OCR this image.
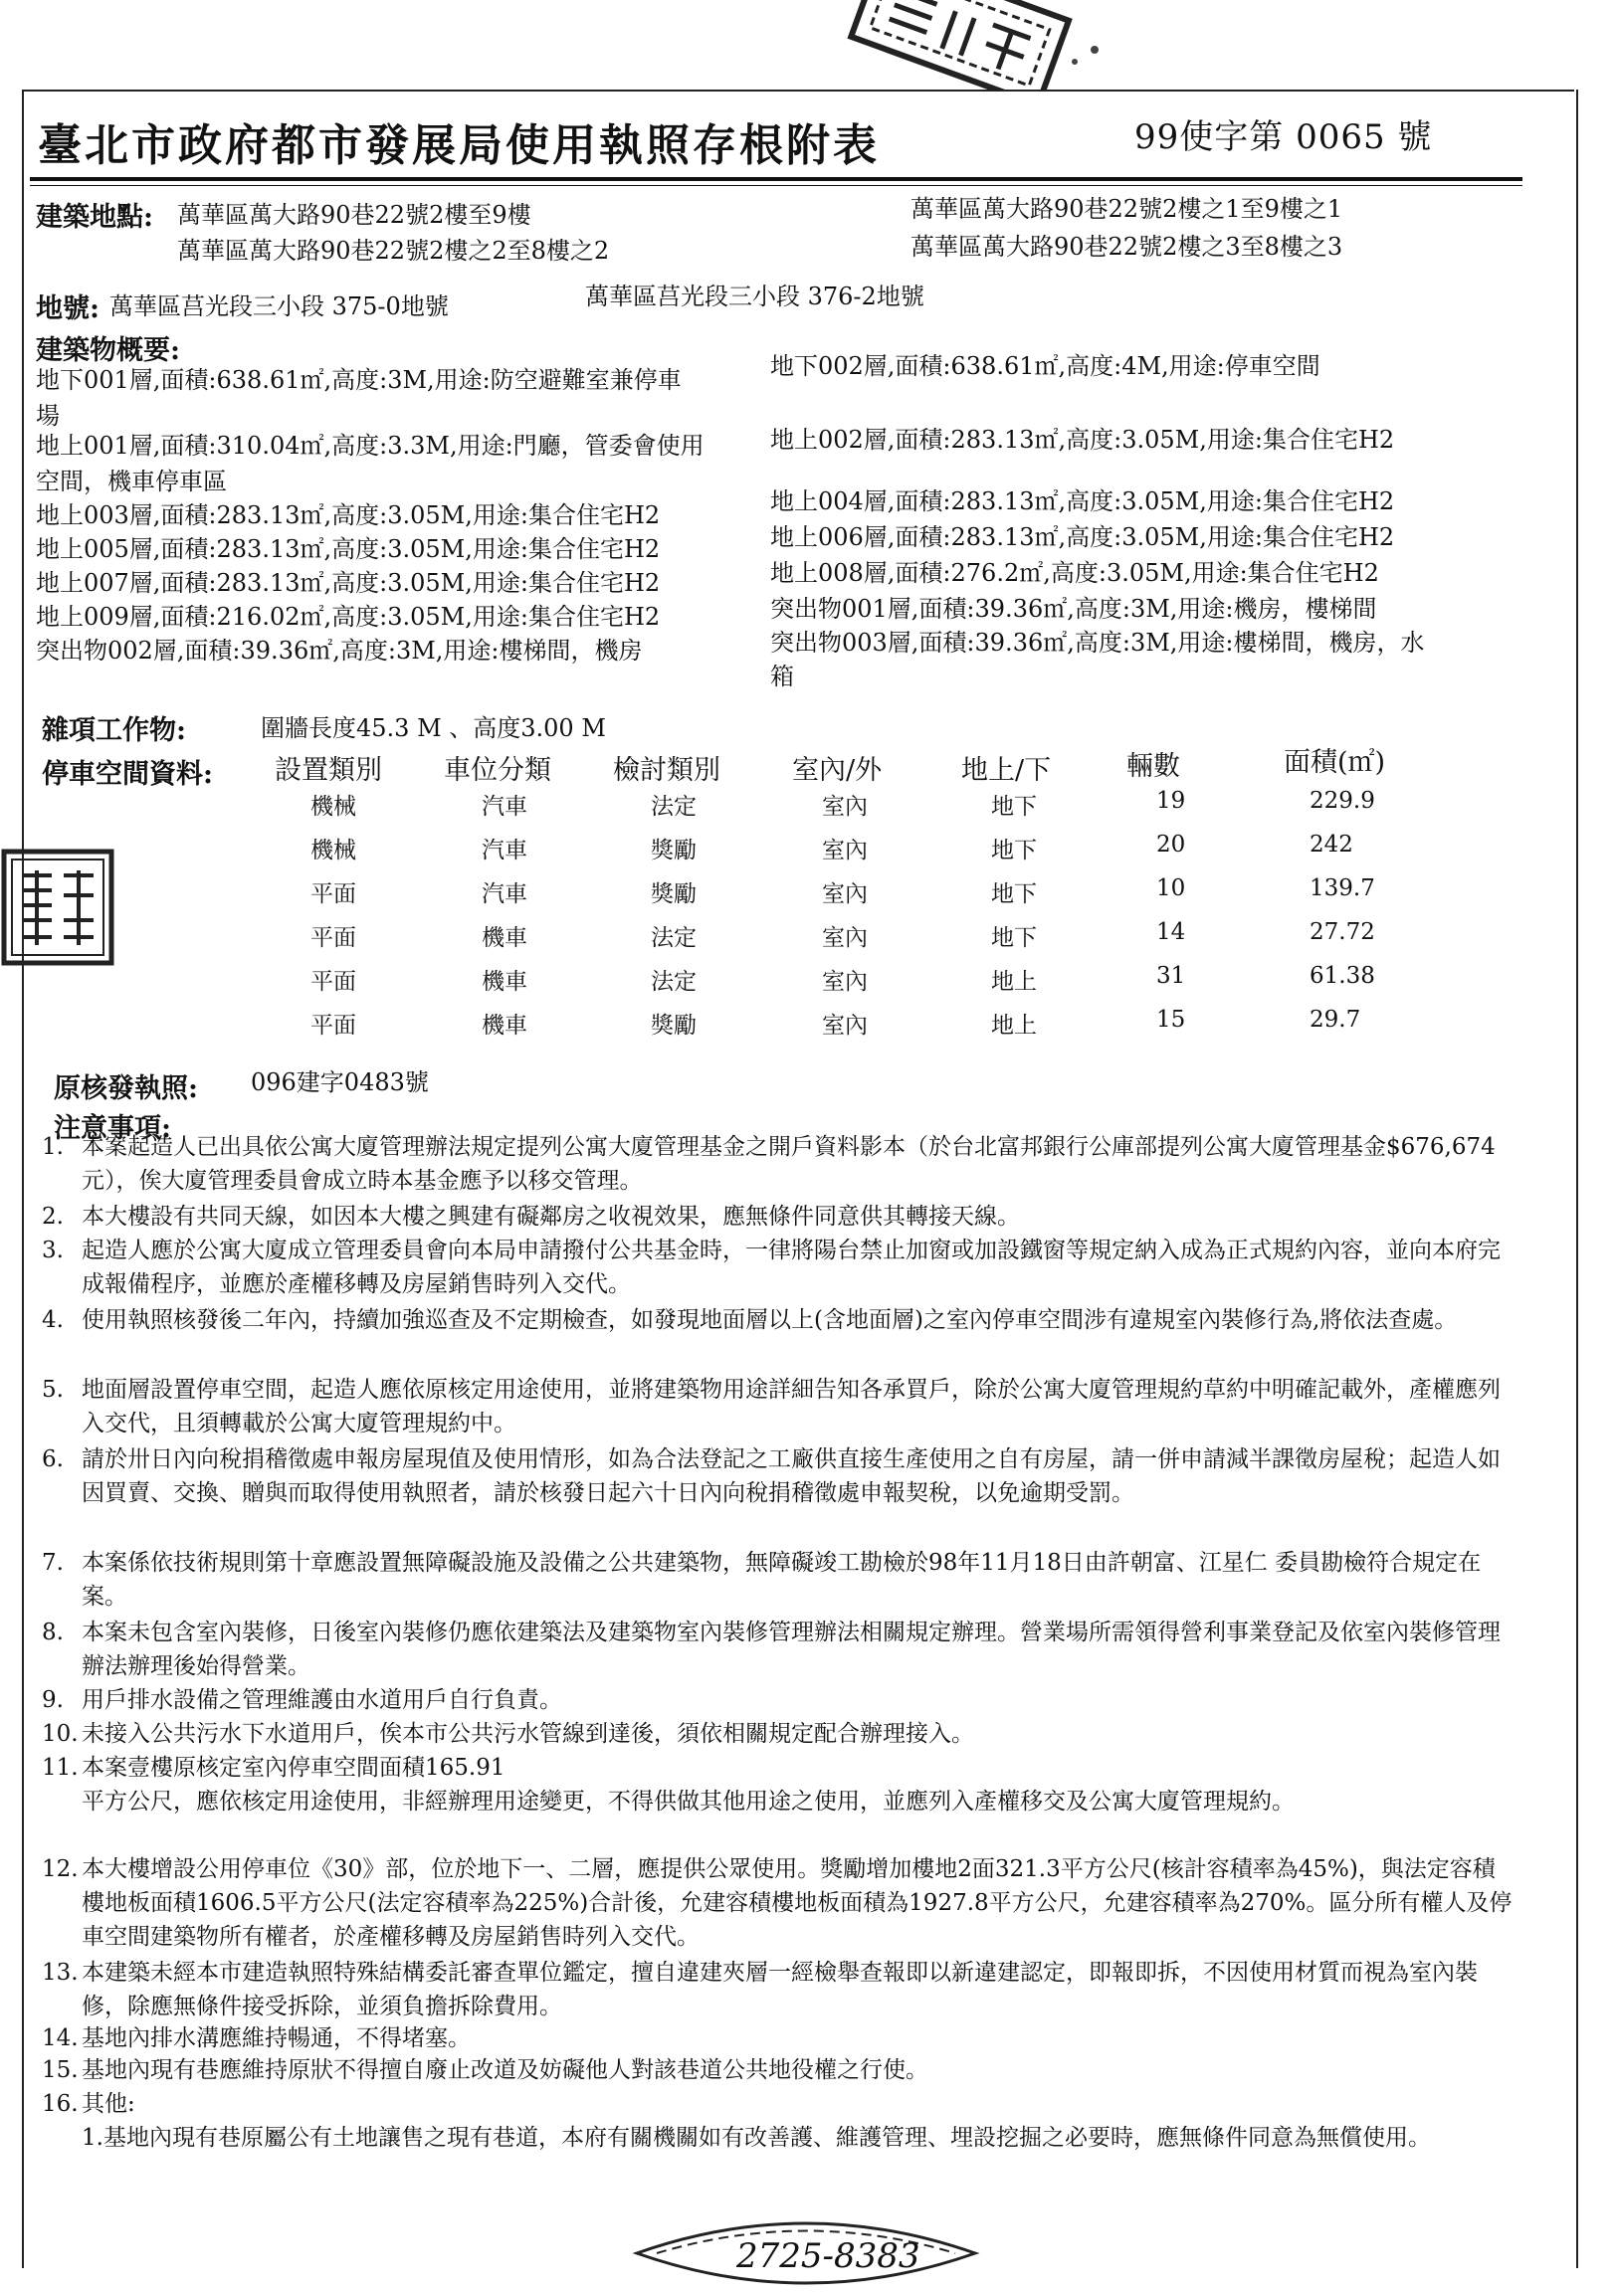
臺北市政府都市發展局使用執照存根附表	99使字第 0065 號
建築地點: 萬華區萬大路90巷22號2樓至9樓
萬華區萬大路90巷22號2樓之2至8樓之2
萬華區萬大路90巷22號2樓之1至9樓之1
萬華區萬大路90巷22號2樓之3至8樓之3
地號: 萬華區莒光段三小段 375-0地號	萬華區莒光段三小段 376-2地號
建築物概要:
地下001層,面積:638.61㎡,高度:3M,用途:防空避難室兼停車
場
地上001層,面積:310.04㎡,高度:3.3M,用途:門廳，管委會使用
空間，機車停車區
地上003層,面積:283.13㎡,高度:3.05M,用途:集合住宅H2
地上005層,面積:283.13㎡,高度:3.05M,用途:集合住宅H2
地上007層,面積:283.13㎡,高度:3.05M,用途:集合住宅H2
地上009層,面積:216.02㎡,高度:3.05M,用途:集合住宅H2
突出物002層,面積:39.36㎡,高度:3M,用途:樓梯間，機房
地下002層,面積:638.61㎡,高度:4M,用途:停車空間
地上002層,面積:283.13㎡,高度:3.05M,用途:集合住宅H2
地上004層,面積:283.13㎡,高度:3.05M,用途:集合住宅H2
地上006層,面積:283.13㎡,高度:3.05M,用途:集合住宅H2
地上008層,面積:276.2㎡,高度:3.05M,用途:集合住宅H2
突出物001層,面積:39.36㎡,高度:3M,用途:機房，樓梯間
突出物003層,面積:39.36㎡,高度:3M,用途:樓梯間，機房，水
箱
雜項工作物:	圍牆長度45.3 M 、高度3.00 M
停車空間資料: 設置類別 車位分類 檢討類別	室內/外	地上/下	輛數	面積(㎡)
機械	汽車	法定	室內	地下	19	229.9
機械	汽車	獎勵	室內	地下	20	242
平面	汽車	獎勵	室內	地下	10	139.7
平面	機車	法定	室內	地下	14	27.72
平面	機車	法定	室內	地上	31	61.38
平面	機車	獎勵	室內	地上	15	29.7
原核發執照: 096建字0483號
注意事項:
1. 本案起造人已出具依公寓大廈管理辦法規定提列公寓大廈管理基金之開戶資料影本（於台北富邦銀行公庫部提列公寓大廈管理基金$676,674元），俟大廈管理委員會成立時本基金應予以移交管理。
2. 本大樓設有共同天線，如因本大樓之興建有礙鄰房之收視效果，應無條件同意供其轉接天線。
3. 起造人應於公寓大廈成立管理委員會向本局申請撥付公共基金時，一律將陽台禁止加窗或加設鐵窗等規定納入成為正式規約內容，並向本府完成報備程序，並應於產權移轉及房屋銷售時列入交代。
4. 使用執照核發後二年內，持續加強巡查及不定期檢查，如發現地面層以上(含地面層)之室內停車空間涉有違規室內裝修行為,將依法查處。
5. 地面層設置停車空間，起造人應依原核定用途使用，並將建築物用途詳細告知各承買戶，除於公寓大廈管理規約草約中明確記載外，產權應列入交代，且須轉載於公寓大廈管理規約中。
6. 請於卅日內向稅捐稽徵處申報房屋現值及使用情形，如為合法登記之工廠供直接生產使用之自有房屋，請一併申請減半課徵房屋稅；起造人如因買賣、交換、贈與而取得使用執照者，請於核發日起六十日內向稅捐稽徵處申報契稅，以免逾期受罰。
7. 本案係依技術規則第十章應設置無障礙設施及設備之公共建築物，無障礙竣工勘檢於98年11月18日由許朝富、江星仁 委員勘檢符合規定在案。
8. 本案未包含室內裝修，日後室內裝修仍應依建築法及建築物室內裝修管理辦法相關規定辦理。營業場所需領得營利事業登記及依室內裝修管理辦法辦理後始得營業。
9. 用戶排水設備之管理維護由水道用戶自行負責。
10. 未接入公共污水下水道用戶，俟本市公共污水管線到達後，須依相關規定配合辦理接入。
11. 本案壹樓原核定室內停車空間面積165.91
平方公尺，應依核定用途使用，非經辦理用途變更，不得供做其他用途之使用，並應列入產權移交及公寓大廈管理規約。
12. 本大樓增設公用停車位《30》部，位於地下一、二層，應提供公眾使用。獎勵增加樓地2面321.3平方公尺(核計容積率為45%)，與法定容積樓地板面積1606.5平方公尺(法定容積率為225%)合計後，允建容積樓地板面積為1927.8平方公尺，允建容積率為270%。區分所有權人及停車空間建築物所有權者，於產權移轉及房屋銷售時列入交代。
13. 本建築未經本市建造執照特殊結構委託審查單位鑑定，擅自違建夾層一經檢舉查報即以新違建認定，即報即拆，不因使用材質而視為室內裝修，除應無條件接受拆除，並須負擔拆除費用。
14. 基地內排水溝應維持暢通，不得堵塞。
15. 基地內現有巷應維持原狀不得擅自廢止改道及妨礙他人對該巷道公共地役權之行使。
16. 其他:
1.基地內現有巷原屬公有土地讓售之現有巷道，本府有關機關如有改善護、維護管理、埋設挖掘之必要時，應無條件同意為無償使用。
2725-8383
